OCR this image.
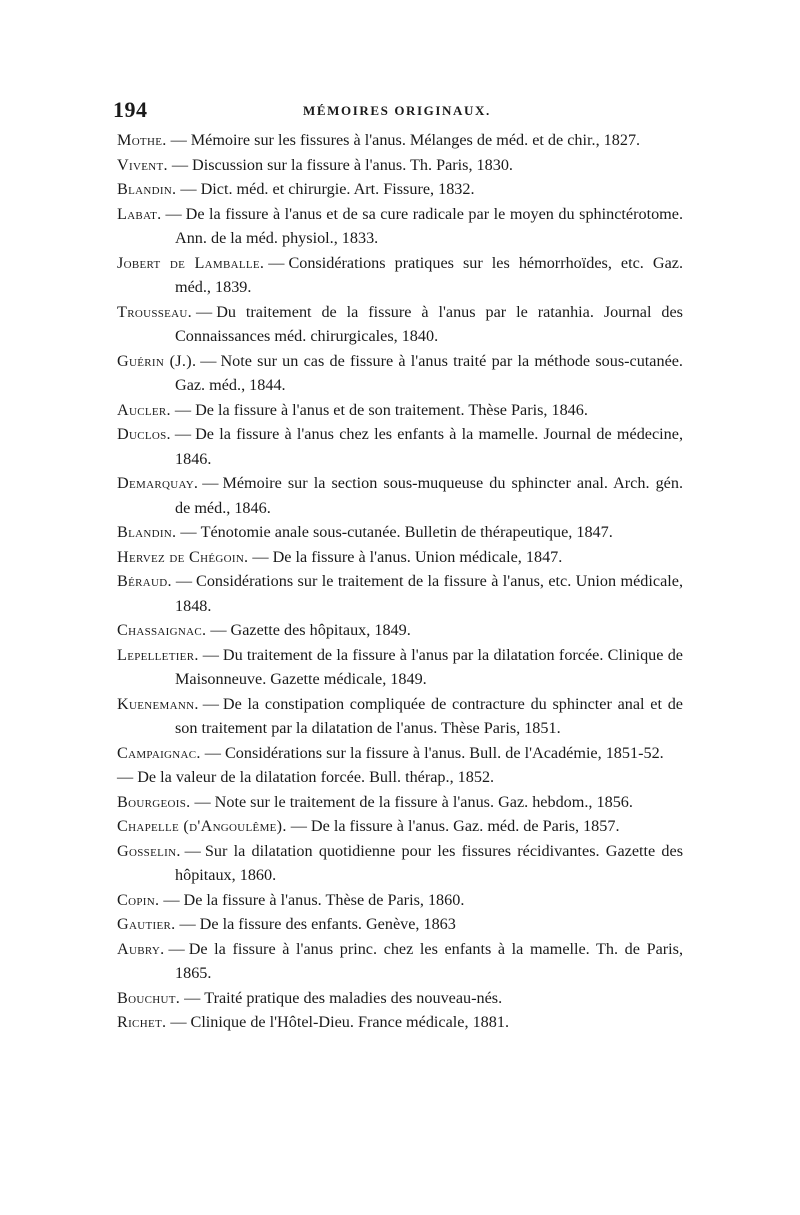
194	MÉMOIRES ORIGINAUX.
Mothe. — Mémoire sur les fissures à l'anus. Mélanges de méd. et de chir., 1827.
Vivent. — Discussion sur la fissure à l'anus. Th. Paris, 1830.
Blandin. — Dict. méd. et chirurgie. Art. Fissure, 1832.
Labat. — De la fissure à l'anus et de sa cure radicale par le moyen du sphinctérotome. Ann. de la méd. physiol., 1833.
Jobert de Lamballe. — Considérations pratiques sur les hémorrhoïdes, etc. Gaz. méd., 1839.
Trousseau. — Du traitement de la fissure à l'anus par le ratanhia. Journal des Connaissances méd. chirurgicales, 1840.
Guérin (J.). — Note sur un cas de fissure à l'anus traité par la méthode sous-cutanée. Gaz. méd., 1844.
Aucler. — De la fissure à l'anus et de son traitement. Thèse Paris, 1846.
Duclos. — De la fissure à l'anus chez les enfants à la mamelle. Journal de médecine, 1846.
Demarquay. — Mémoire sur la section sous-muqueuse du sphincter anal. Arch. gén. de méd., 1846.
Blandin. — Ténotomie anale sous-cutanée. Bulletin de thérapeutique, 1847.
Hervez de Chégoin. — De la fissure à l'anus. Union médicale, 1847.
Béraud. — Considérations sur le traitement de la fissure à l'anus, etc. Union médicale, 1848.
Chassaignac. — Gazette des hôpitaux, 1849.
Lepelletier. — Du traitement de la fissure à l'anus par la dilatation forcée. Clinique de Maisonneuve. Gazette médicale, 1849.
Kuenemann. — De la constipation compliquée de contracture du sphincter anal et de son traitement par la dilatation de l'anus. Thèse Paris, 1851.
Campaignac. — Considérations sur la fissure à l'anus. Bull. de l'Académie, 1851-52.
— De la valeur de la dilatation forcée. Bull. thérap., 1852.
Bourgeois. — Note sur le traitement de la fissure à l'anus. Gaz. hebdom., 1856.
Chapelle (d'Angoulême). — De la fissure à l'anus. Gaz. méd. de Paris, 1857.
Gosselin. — Sur la dilatation quotidienne pour les fissures récidivantes. Gazette des hôpitaux, 1860.
Copin. — De la fissure à l'anus. Thèse de Paris, 1860.
Gautier. — De la fissure des enfants. Genève, 1863
Aubry. — De la fissure à l'anus princ. chez les enfants à la mamelle. Th. de Paris, 1865.
Bouchut. — Traité pratique des maladies des nouveau-nés.
Richet. — Clinique de l'Hôtel-Dieu. France médicale, 1881.
